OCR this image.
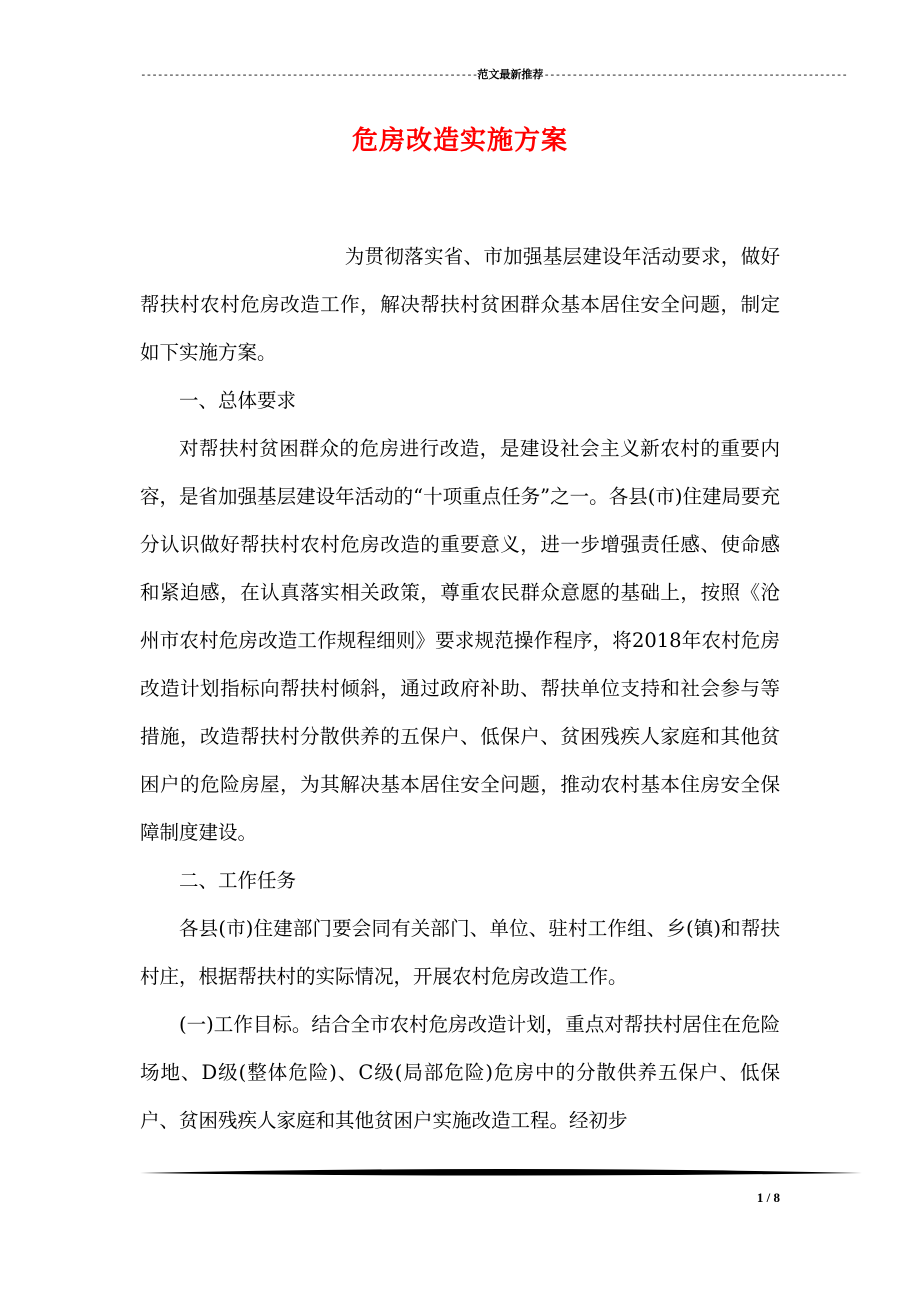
------------------------------------------------------------范文最新推荐------------------------------------------------------
危房改造实施方案

为贯彻落实省、市加强基层建设年活动要求，做好帮扶村农村危房改造工作，解决帮扶村贫困群众基本居住安全问题，制定如下实施方案。

一、总体要求

对帮扶村贫困群众的危房进行改造，是建设社会主义新农村的重要内容，是省加强基层建设年活动的“十项重点任务”之一。各县(市)住建局要充分认识做好帮扶村农村危房改造的重要意义，进一步增强责任感、使命感和紧迫感，在认真落实相关政策，尊重农民群众意愿的基础上，按照《沧州市农村危房改造工作规程细则》要求规范操作程序，将2018年农村危房改造计划指标向帮扶村倾斜，通过政府补助、帮扶单位支持和社会参与等措施，改造帮扶村分散供养的五保户、低保户、贫困残疾人家庭和其他贫困户的危险房屋，为其解决基本居住安全问题，推动农村基本住房安全保障制度建设。

二、工作任务

各县(市)住建部门要会同有关部门、单位、驻村工作组、乡(镇)和帮扶村庄，根据帮扶村的实际情况，开展农村危房改造工作。

(一)工作目标。结合全市农村危房改造计划，重点对帮扶村居住在危险场地、D级(整体危险)、C级(局部危险)危房中的分散供养五保户、低保户、贫困残疾人家庭和其他贫困户实施改造工程。经初步

1 / 8
